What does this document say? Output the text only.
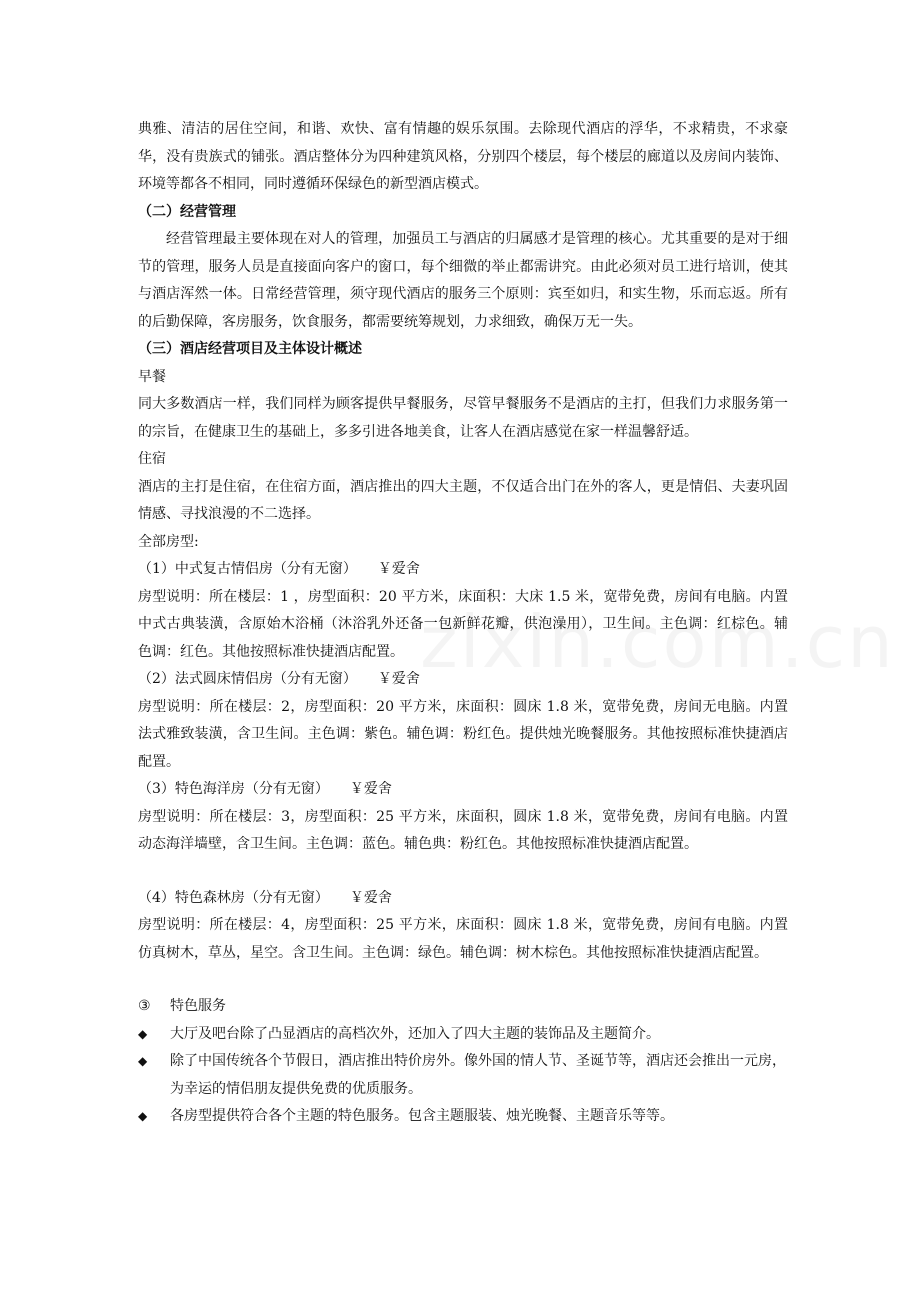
典雅、清洁的居住空间，和谐、欢快、富有情趣的娱乐氛围。去除现代酒店的浮华，不求精贵，不求豪华，没有贵族式的铺张。酒店整体分为四种建筑风格，分别四个楼层，每个楼层的廊道以及房间内装饰、环境等都各不相同，同时遵循环保绿色的新型酒店模式。

（二）经营管理

经营管理最主要体现在对人的管理，加强员工与酒店的归属感才是管理的核心。尤其重要的是对于细节的管理，服务人员是直接面向客户的窗口，每个细微的举止都需讲究。由此必须对员工进行培训，使其与酒店浑然一体。日常经营管理，须守现代酒店的服务三个原则：宾至如归，和实生物，乐而忘返。所有的后勤保障，客房服务，饮食服务，都需要统筹规划，力求细致，确保万无一失。

（三）酒店经营项目及主体设计概述

早餐

同大多数酒店一样，我们同样为顾客提供早餐服务，尽管早餐服务不是酒店的主打，但我们力求服务第一的宗旨，在健康卫生的基础上，多多引进各地美食，让客人在酒店感觉在家一样温馨舒适。

住宿

酒店的主打是住宿，在住宿方面，酒店推出的四大主题，不仅适合出门在外的客人，更是情侣、夫妻巩固情感、寻找浪漫的不二选择。

全部房型:

（1）中式复古情侣房（分有无窗）　　￥爱舍

房型说明：所在楼层：1 ，房型面积：20 平方米，床面积：大床 1.5 米，宽带免费，房间有电脑。内置中式古典装潢，含原始木浴桶（沐浴乳外还备一包新鲜花瓣，供泡澡用），卫生间。主色调：红棕色。辅色调：红色。其他按照标准快捷酒店配置。

（2）法式圆床情侣房（分有无窗）　　￥爱舍

房型说明：所在楼层：2，房型面积：20 平方米，床面积：圆床 1.8 米，宽带免费，房间无电脑。内置法式雅致装潢，含卫生间。主色调：紫色。辅色调：粉红色。提供烛光晚餐服务。其他按照标准快捷酒店配置。

（3）特色海洋房（分有无窗）　　￥爱舍

房型说明：所在楼层：3，房型面积：25 平方米，床面积，圆床 1.8 米，宽带免费，房间有电脑。内置动态海洋墙壁，含卫生间。主色调：蓝色。辅色典：粉红色。其他按照标准快捷酒店配置。

（4）特色森林房（分有无窗）　　￥爱舍

房型说明：所在楼层：4，房型面积：25 平方米，床面积：圆床 1.8 米，宽带免费，房间有电脑。内置仿真树木，草丛，星空。含卫生间。主色调：绿色。辅色调：树木棕色。其他按照标准快捷酒店配置。

③	特色服务
◆	大厅及吧台除了凸显酒店的高档次外，还加入了四大主题的装饰品及主题简介。
◆	除了中国传统各个节假日，酒店推出特价房外。像外国的情人节、圣诞节等，酒店还会推出一元房，为幸运的情侣朋友提供免费的优质服务。
◆	各房型提供符合各个主题的特色服务。包含主题服装、烛光晚餐、主题音乐等等。
